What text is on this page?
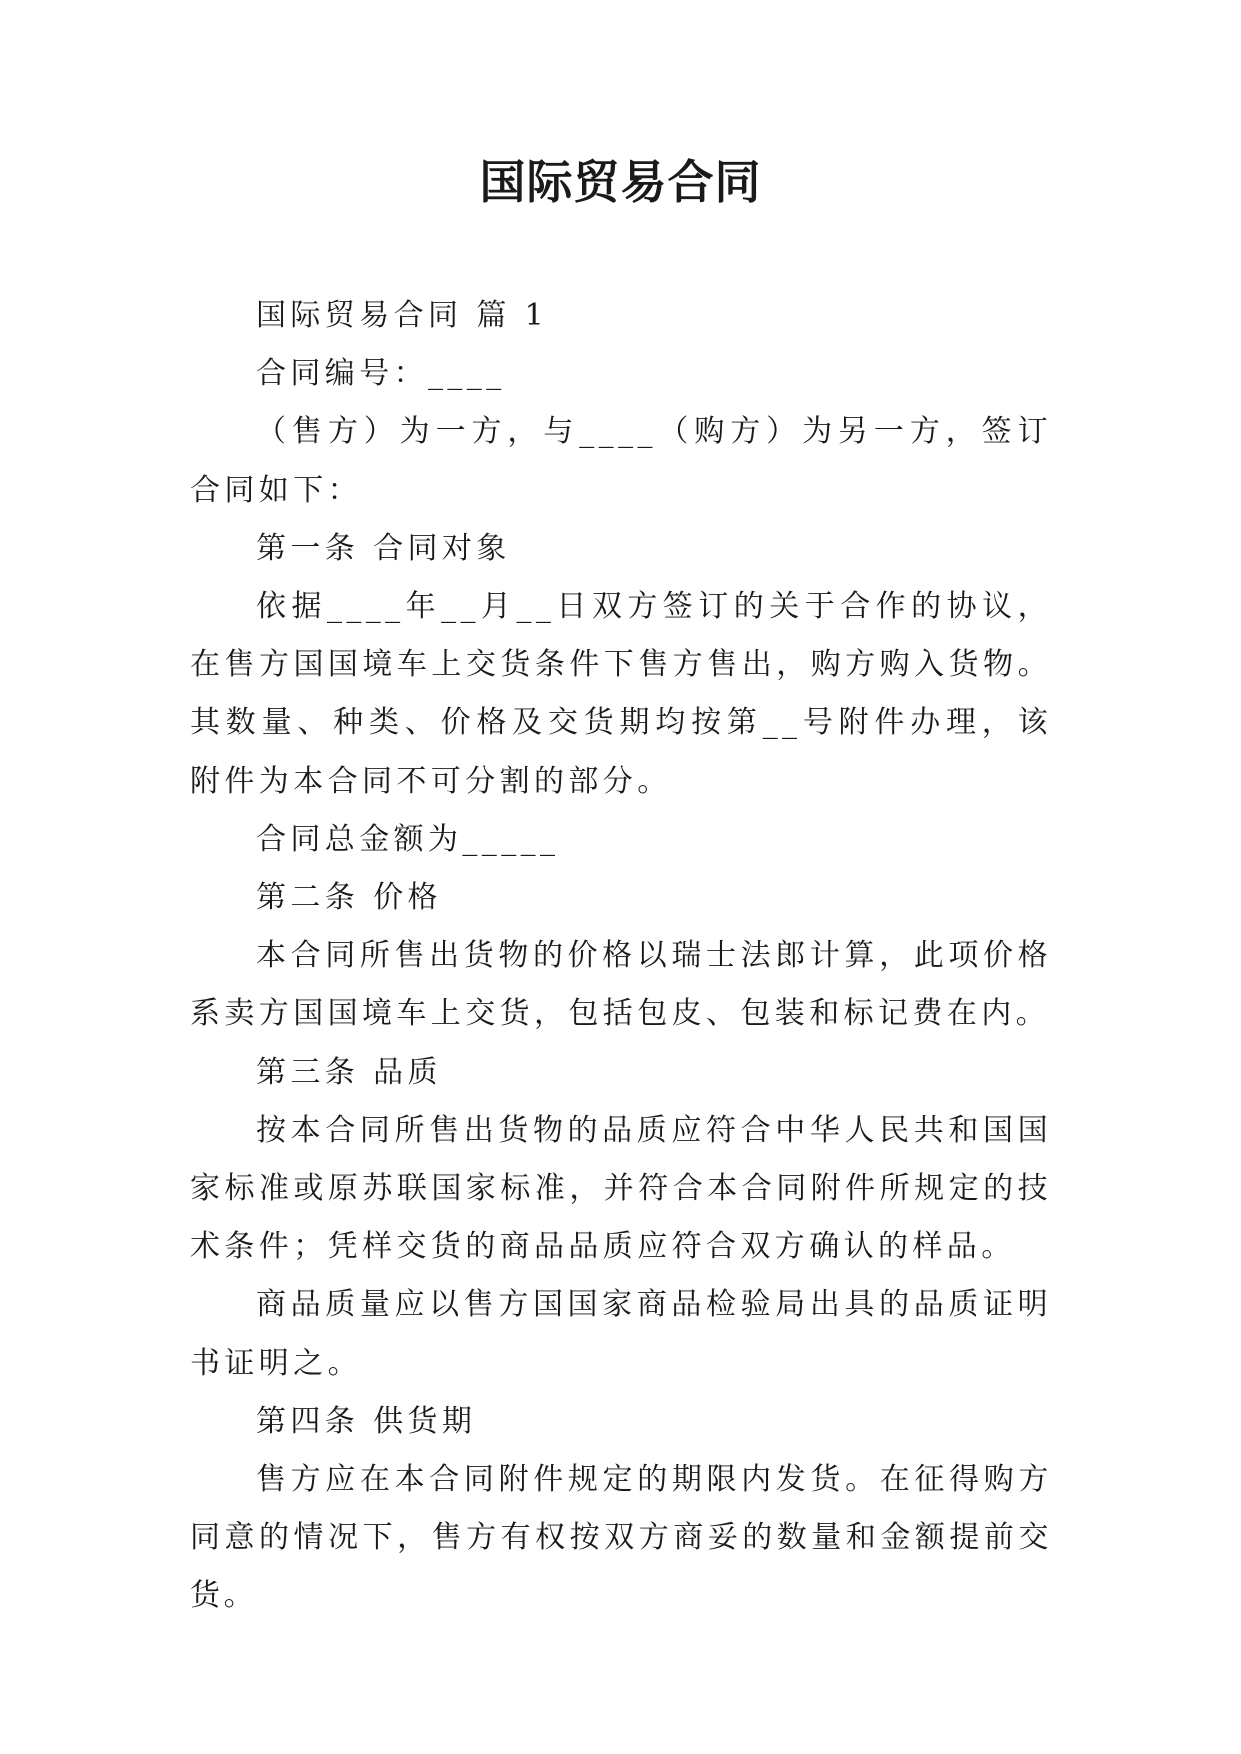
国际贸易合同

国际贸易合同 篇 1

合同编号：____

（售方）为一方，与____（购方）为另一方，签订合同如下：

第一条 合同对象

依据____年__月__日双方签订的关于合作的协议，在售方国国境车上交货条件下售方售出，购方购入货物。其数量、种类、价格及交货期均按第__号附件办理，该附件为本合同不可分割的部分。

合同总金额为_____

第二条 价格

本合同所售出货物的价格以瑞士法郎计算，此项价格系卖方国国境车上交货，包括包皮、包装和标记费在内。

第三条 品质

按本合同所售出货物的品质应符合中华人民共和国国家标准或原苏联国家标准，并符合本合同附件所规定的技术条件；凭样交货的商品品质应符合双方确认的样品。

商品质量应以售方国国家商品检验局出具的品质证明书证明之。

第四条 供货期

售方应在本合同附件规定的期限内发货。在征得购方同意的情况下，售方有权按双方商妥的数量和金额提前交货。
